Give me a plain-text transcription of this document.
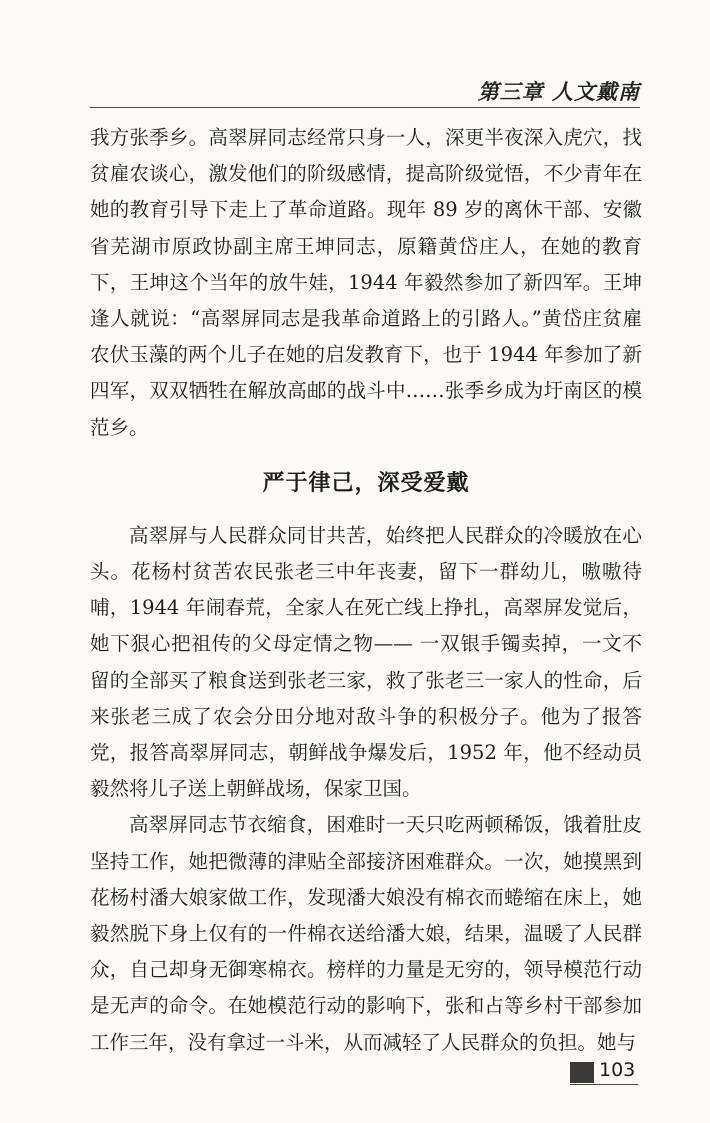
第三章 人文戴南

我方张季乡。高翠屏同志经常只身一人，深更半夜深入虎穴，找贫雇农谈心，激发他们的阶级感情，提高阶级觉悟，不少青年在她的教育引导下走上了革命道路。现年 89 岁的离休干部、安徽省芜湖市原政协副主席王坤同志，原籍黄岱庄人，在她的教育下，王坤这个当年的放牛娃，1944 年毅然参加了新四军。王坤逢人就说：“高翠屏同志是我革命道路上的引路人。”黄岱庄贫雇农伏玉藻的两个儿子在她的启发教育下，也于 1944 年参加了新四军，双双牺牲在解放高邮的战斗中……张季乡成为圩南区的模范乡。

严于律己，深受爱戴

高翠屏与人民群众同甘共苦，始终把人民群众的冷暖放在心头。花杨村贫苦农民张老三中年丧妻，留下一群幼儿，嗷嗷待哺，1944 年闹春荒，全家人在死亡线上挣扎，高翠屏发觉后，她下狠心把祖传的父母定情之物—— 一双银手镯卖掉，一文不留的全部买了粮食送到张老三家，救了张老三一家人的性命，后来张老三成了农会分田分地对敌斗争的积极分子。他为了报答党，报答高翠屏同志，朝鲜战争爆发后，1952 年，他不经动员毅然将儿子送上朝鲜战场，保家卫国。

高翠屏同志节衣缩食，困难时一天只吃两顿稀饭，饿着肚皮坚持工作，她把微薄的津贴全部接济困难群众。一次，她摸黑到花杨村潘大娘家做工作，发现潘大娘没有棉衣而蜷缩在床上，她毅然脱下身上仅有的一件棉衣送给潘大娘，结果，温暖了人民群众，自己却身无御寒棉衣。榜样的力量是无穷的，领导模范行动是无声的命令。在她模范行动的影响下，张和占等乡村干部参加工作三年，没有拿过一斗米，从而减轻了人民群众的负担。她与

103
